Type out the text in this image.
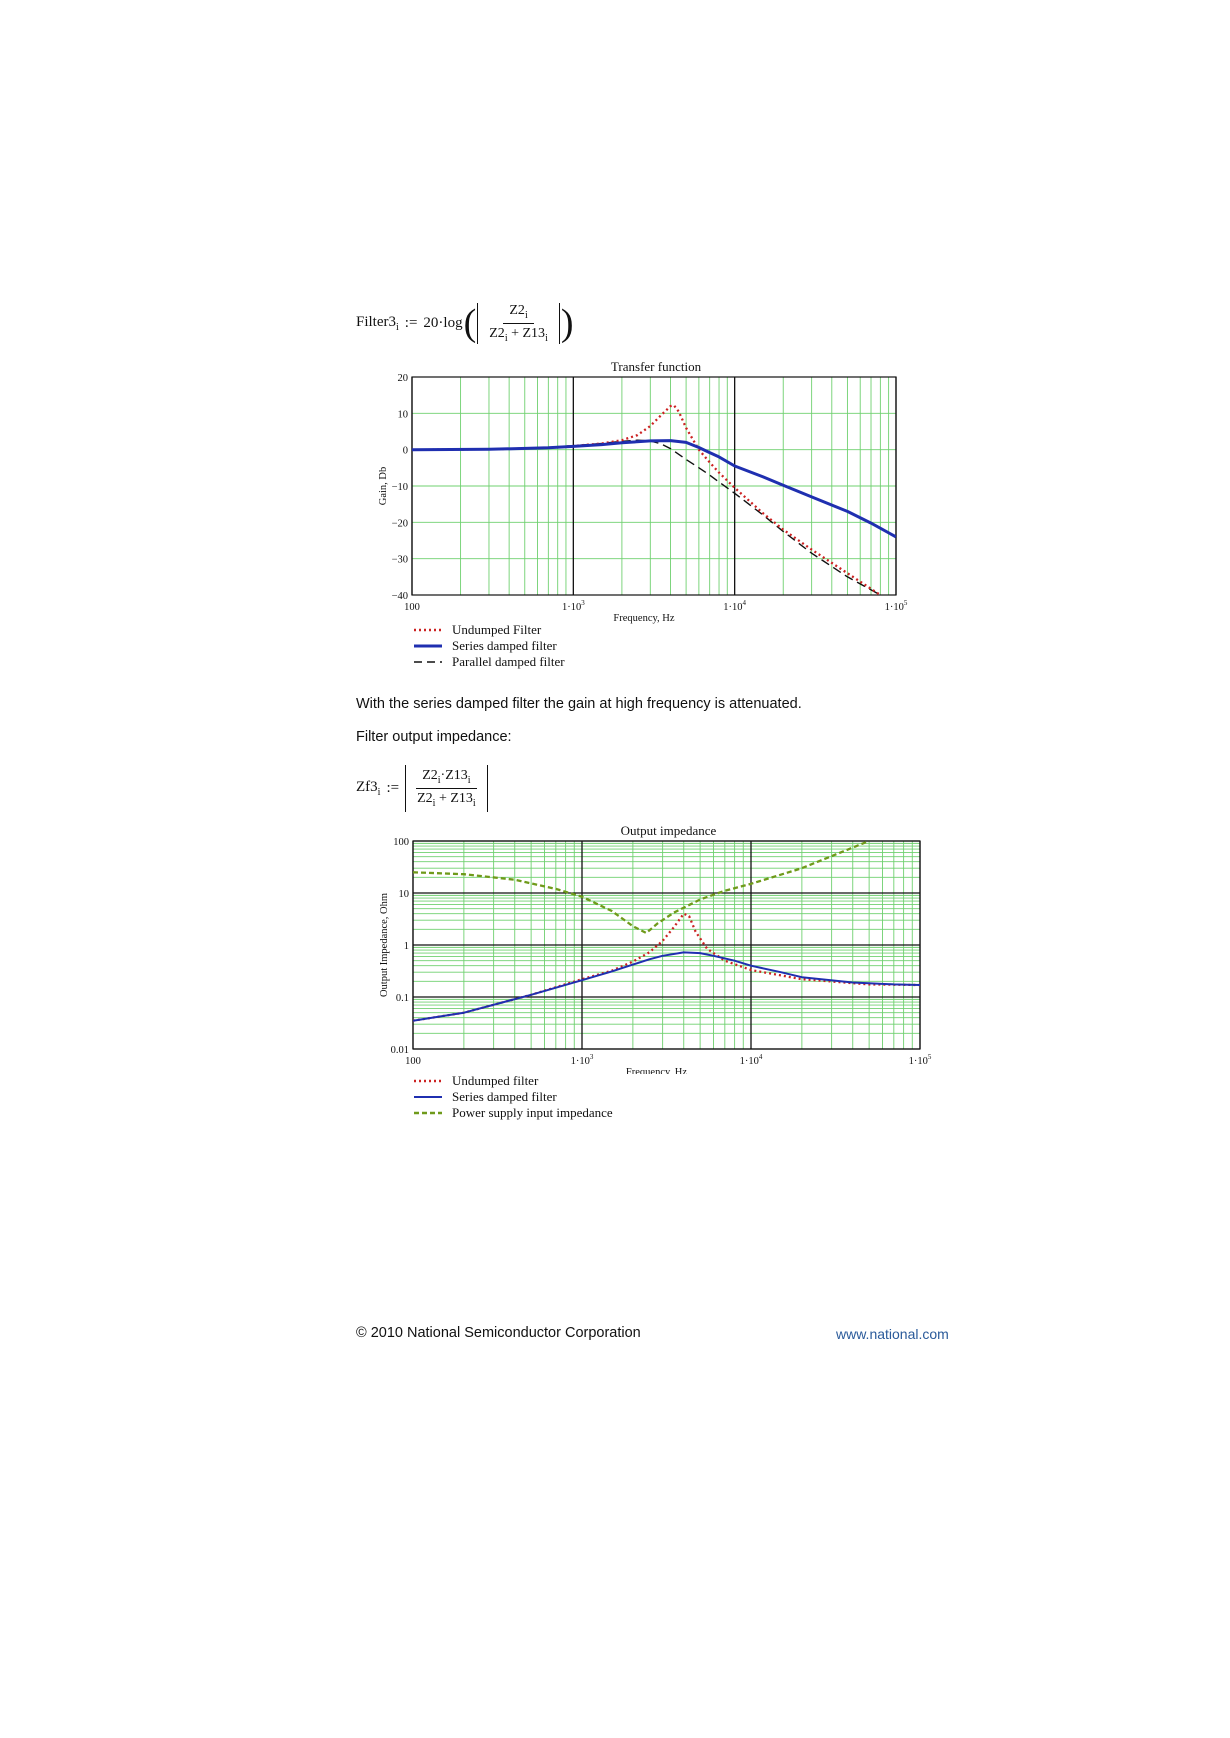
$Filter3_i$ := 20·log ( $\frac{Z2_i}{Z2_i + Z13_i}$ )
Transfer function
20
10
0
−10
−20
−30
−40
100	$1\cdot 10^3$	$1\cdot 10^4$	$1\cdot 10^5$
Frequency, Hz
Gain, Db
Undumped Filter
Series damped filter
Parallel damped filter
With the series damped filter the gain at high frequency is attenuated.
Filter output impedance:
$Zf3_i$ := $\frac{Z2_i\cdot Z13_i}{Z2_i + Z13_i}$
Output impedance
100
10
1
0.1
0.01
100	$1\cdot 10^3$	$1\cdot 10^4$	$1\cdot 10^5$
Frequency, Hz
Output Impedance, Ohm
Undumped filter
Series damped filter
Power supply input impedance
© 2010 National Semiconductor Corporation	www.national.com
